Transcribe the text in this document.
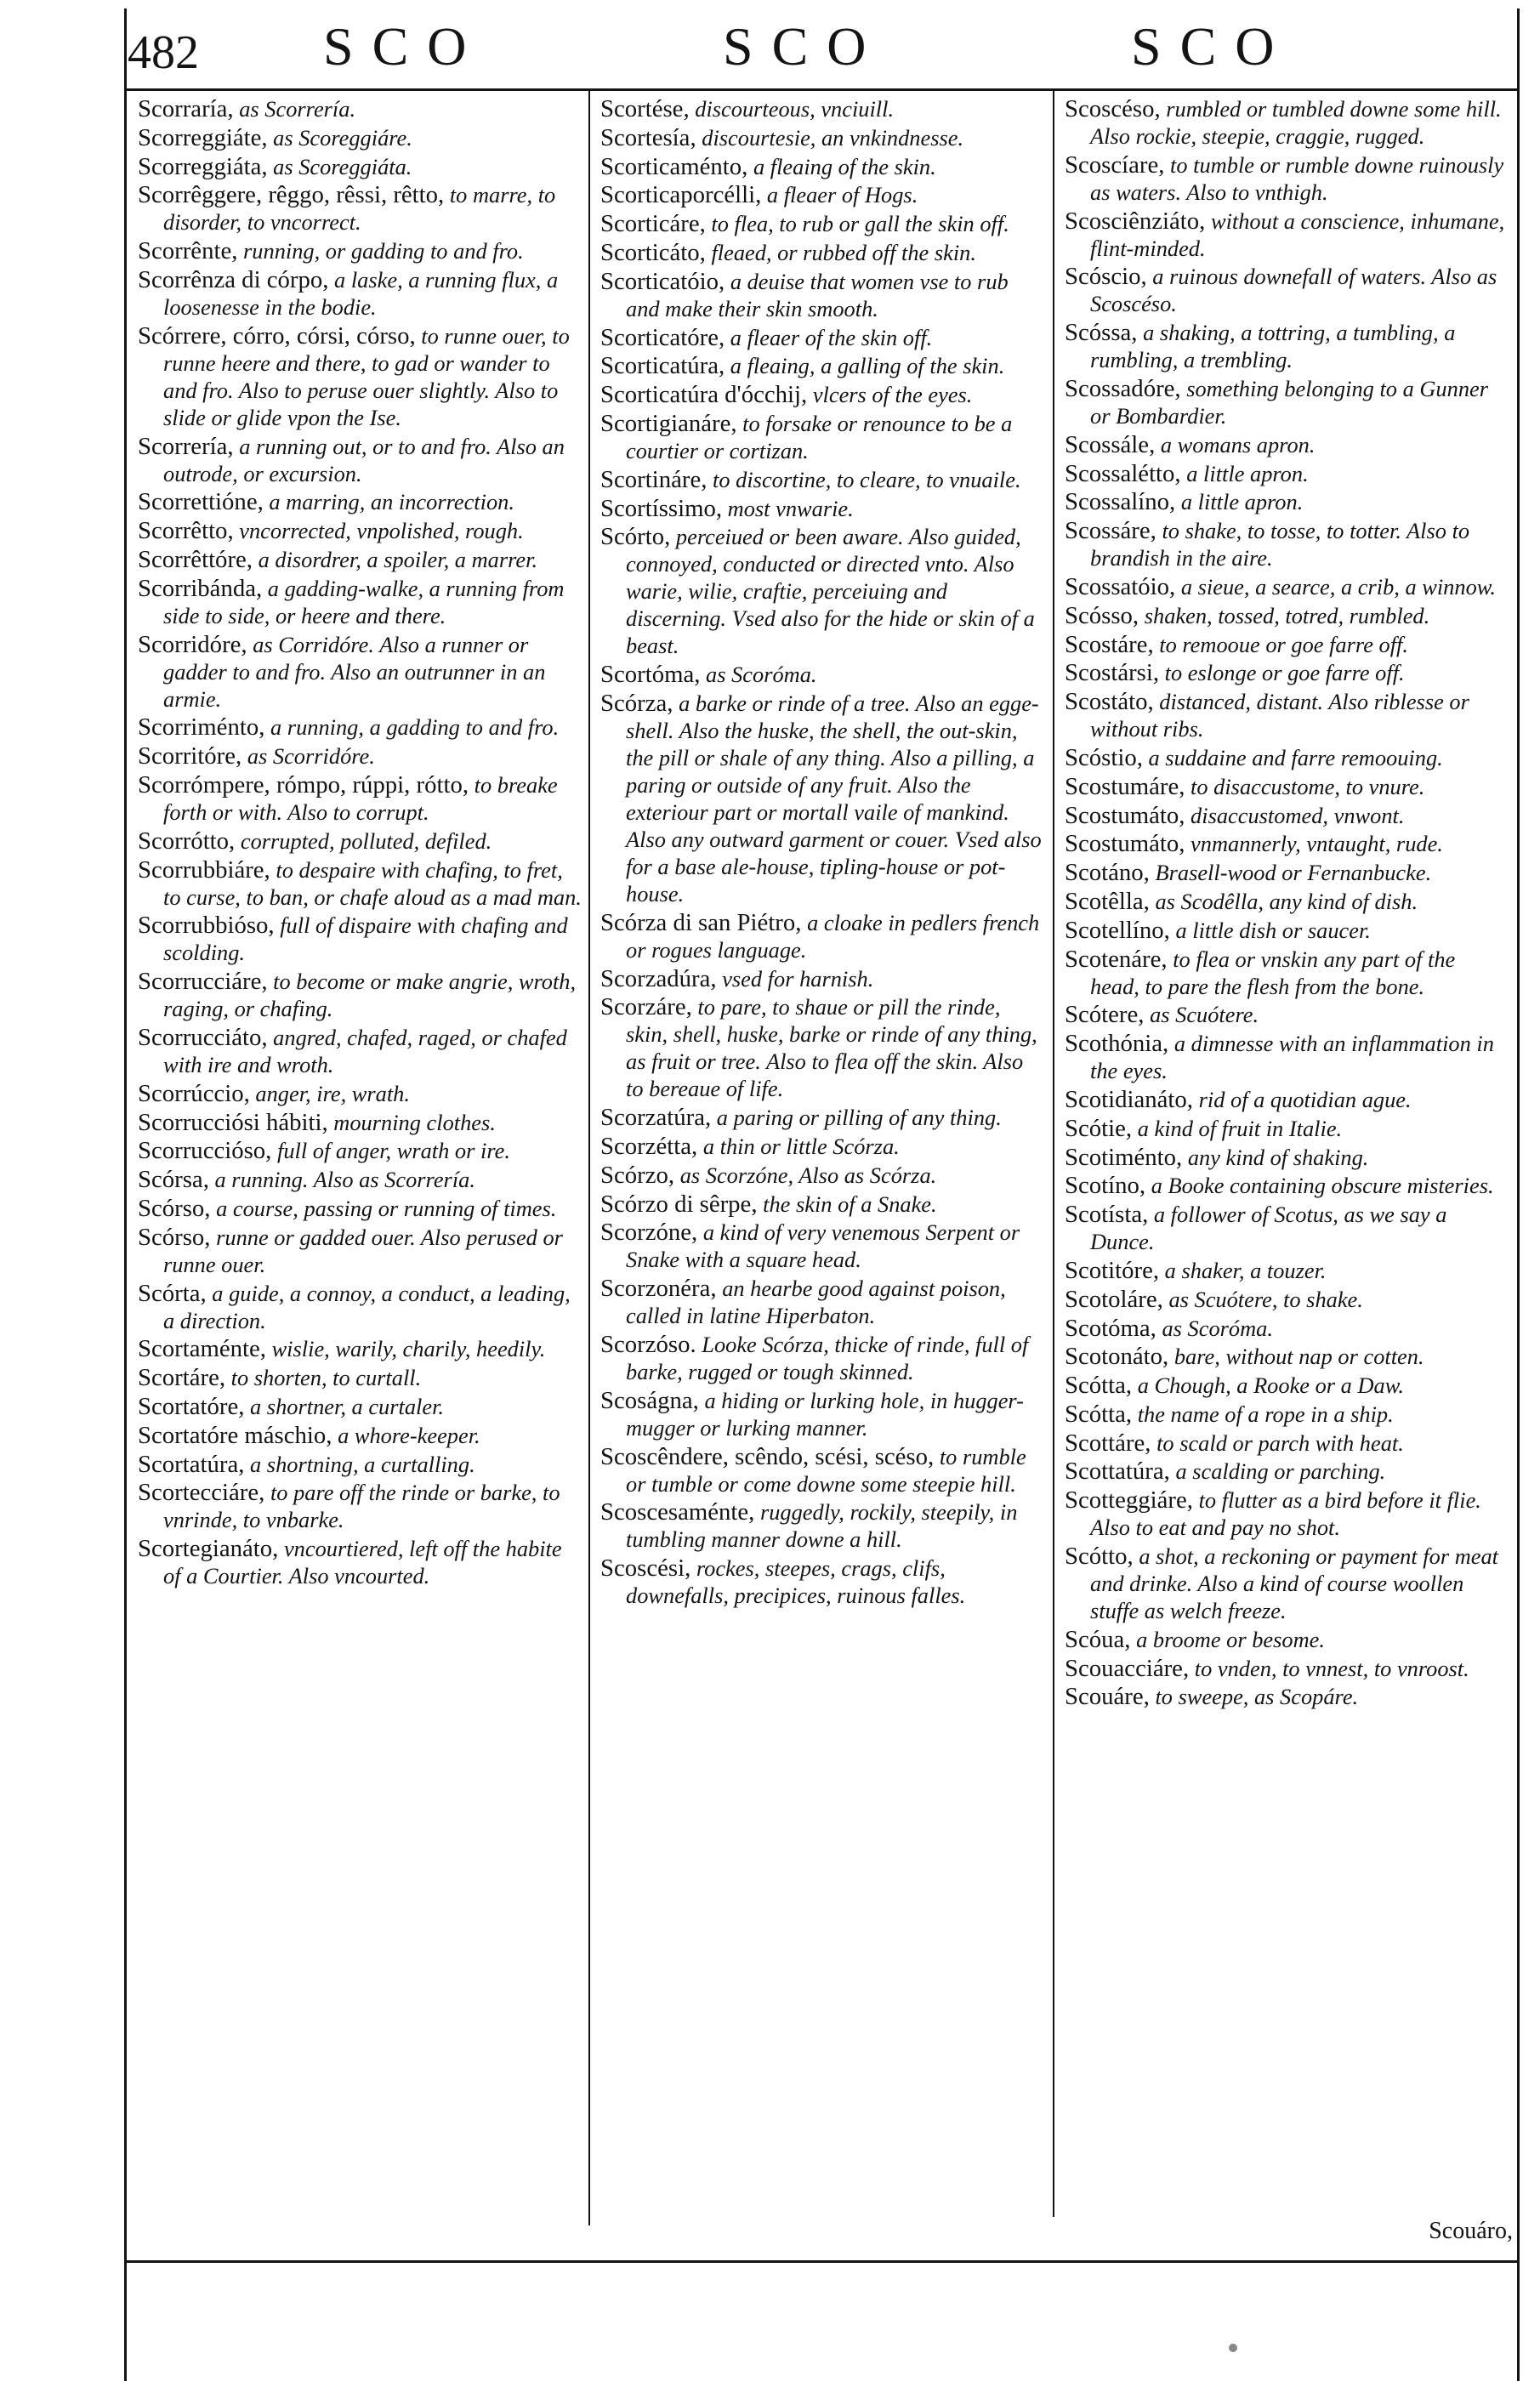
482 SCO	SCO	SCO

Scorraría, as Scorrería.

Scorreggiáte, as Scoreggiáre.

Scorreggiáta, as Scoreggiáta.

Scorrêggere, rêggo, rêssi, rêtto, to marre, to disorder, to vncorrect.

Scorrênte, running, or gadding to and fro.

Scorrênza di córpo, a laske, a running flux, a loosenesse in the bodie.

Scórrere, córro, córsi, córso, to runne ouer, to runne heere and there, to gad or wander to and fro. Also to peruse ouer slightly. Also to slide or glide vpon the Ise.

Scorrería, a running out, or to and fro. Also an outrode, or excursion.

Scorrettióne, a marring, an incorrection.

Scorrêtto, vncorrected, vnpolished, rough.

Scorrêttóre, a disordrer, a spoiler, a marrer.

Scorribánda, a gadding-walke, a running from side to side, or heere and there.

Scorridóre, as Corridóre. Also a runner or gadder to and fro. Also an outrunner in an armie.

Scorriménto, a running, a gadding to and fro.

Scorritóre, as Scorridóre.

Scorrómpere, rómpo, rúppi, rótto, to breake forth or with. Also to corrupt.

Scorrótto, corrupted, polluted, defiled.

Scorrubbiáre, to despaire with chafing, to fret, to curse, to ban, or chafe aloud as a mad man.

Scorrubbióso, full of dispaire with chafing and scolding.

Scorrucciáre, to become or make angrie, wroth, raging, or chafing.

Scorrucciáto, angred, chafed, raged, or chafed with ire and wroth.

Scorrúccio, anger, ire, wrath.

Scorrucciósi hábiti, mourning clothes.

Scorruccióso, full of anger, wrath or ire.

Scórsa, a running. Also as Scorrería.

Scórso, a course, passing or running of times.

Scórso, runne or gadded ouer. Also perused or runne ouer.

Scórta, a guide, a connoy, a conduct, a leading, a direction.

Scortaménte, wislie, warily, charily, heedily.

Scortáre, to shorten, to curtall.

Scortatóre, a shortner, a curtaler.

Scortatóre máschio, a whore-keeper.

Scortatúra, a shortning, a curtalling.

Scortecciáre, to pare off the rinde or barke, to vnrinde, to vnbarke.

Scortegianáto, vncourtiered, left off the habite of a Courtier. Also vncourted.

Scortése, discourteous, vnciuill.

Scortesía, discourtesie, an vnkindnesse.

Scorticaménto, a fleaing of the skin.

Scorticaporcélli, a fleaer of Hogs.

Scorticáre, to flea, to rub or gall the skin off.

Scorticáto, fleaed, or rubbed off the skin.

Scorticatóio, a deuise that women vse to rub and make their skin smooth.

Scorticatóre, a fleaer of the skin off.

Scorticatúra, a fleaing, a galling of the skin.

Scorticatúra d'ócchij, vlcers of the eyes.

Scortigianáre, to forsake or renounce to be a courtier or cortizan.

Scortináre, to discortine, to cleare, to vnuaile.

Scortíssimo, most vnwarie.

Scórto, perceiued or been aware. Also guided, connoyed, conducted or directed vnto. Also warie, wilie, craftie, perceiuing and discerning. Vsed also for the hide or skin of a beast.

Scortóma, as Scoróma.

Scórza, a barke or rinde of a tree. Also an egge-shell. Also the huske, the shell, the out-skin, the pill or shale of any thing. Also a pilling, a paring or outside of any fruit. Also the exteriour part or mortall vaile of mankind. Also any outward garment or couer. Vsed also for a base ale-house, tipling-house or pot-house.

Scórza di san Piétro, a cloake in pedlers french or rogues language.

Scorzadúra, vsed for harnish.

Scorzáre, to pare, to shaue or pill the rinde, skin, shell, huske, barke or rinde of any thing, as fruit or tree. Also to flea off the skin. Also to bereaue of life.

Scorzatúra, a paring or pilling of any thing.

Scorzétta, a thin or little Scórza.

Scórzo, as Scorzóne, Also as Scórza.

Scórzo di sêrpe, the skin of a Snake.

Scorzóne, a kind of very venemous Serpent or Snake with a square head.

Scorzonéra, an hearbe good against poison, called in latine Hiperbaton.

Scorzóso. Looke Scórza, thicke of rinde, full of barke, rugged or tough skinned.

Scoságna, a hiding or lurking hole, in hugger-mugger or lurking manner.

Scoscêndere, scêndo, scési, scéso, to rumble or tumble or come downe some steepie hill.

Scoscesaménte, ruggedly, rockily, steepily, in tumbling manner downe a hill.

Scoscési, rockes, steepes, crags, clifs, downefalls, precipices, ruinous falles.

Scoscéso, rumbled or tumbled downe some hill. Also rockie, steepie, craggie, rugged.

Scoscíare, to tumble or rumble downe ruinously as waters. Also to vnthigh.

Scosciênziáto, without a conscience, inhumane, flint-minded.

Scóscio, a ruinous downefall of waters. Also as Scoscéso.

Scóssa, a shaking, a tottring, a tumbling, a rumbling, a trembling.

Scossadóre, something belonging to a Gunner or Bombardier.

Scossále, a womans apron.

Scossalétto, a little apron.

Scossalíno, a little apron.

Scossáre, to shake, to tosse, to totter. Also to brandish in the aire.

Scossatóio, a sieue, a searce, a crib, a winnow.

Scósso, shaken, tossed, totred, rumbled.

Scostáre, to remooue or goe farre off.

Scostársi, to eslonge or goe farre off.

Scostáto, distanced, distant. Also riblesse or without ribs.

Scóstio, a suddaine and farre remoouing.

Scostumáre, to disaccustome, to vnure.

Scostumáto, disaccustomed, vnwont.

Scostumáto, vnmannerly, vntaught, rude.

Scotáno, Brasell-wood or Fernanbucke.

Scotêlla, as Scodêlla, any kind of dish.

Scotellíno, a little dish or saucer.

Scotenáre, to flea or vnskin any part of the head, to pare the flesh from the bone.

Scótere, as Scuótere.

Scothónia, a dimnesse with an inflammation in the eyes.

Scotidianáto, rid of a quotidian ague.

Scótie, a kind of fruit in Italie.

Scotiménto, any kind of shaking.

Scotíno, a Booke containing obscure misteries.

Scotísta, a follower of Scotus, as we say a Dunce.

Scotitóre, a shaker, a touzer.

Scotoláre, as Scuótere, to shake.

Scotóma, as Scoróma.

Scotonáto, bare, without nap or cotten.

Scótta, a Chough, a Rooke or a Daw.

Scótta, the name of a rope in a ship.

Scottáre, to scald or parch with heat.

Scottatúra, a scalding or parching.

Scotteggiáre, to flutter as a bird before it flie. Also to eat and pay no shot.

Scótto, a shot, a reckoning or payment for meat and drinke. Also a kind of course woollen stuffe as welch freeze.

Scóua, a broome or besome.

Scouacciáre, to vnden, to vnnest, to vnroost.

Scouáre, to sweepe, as Scopáre.

Scouáro,
